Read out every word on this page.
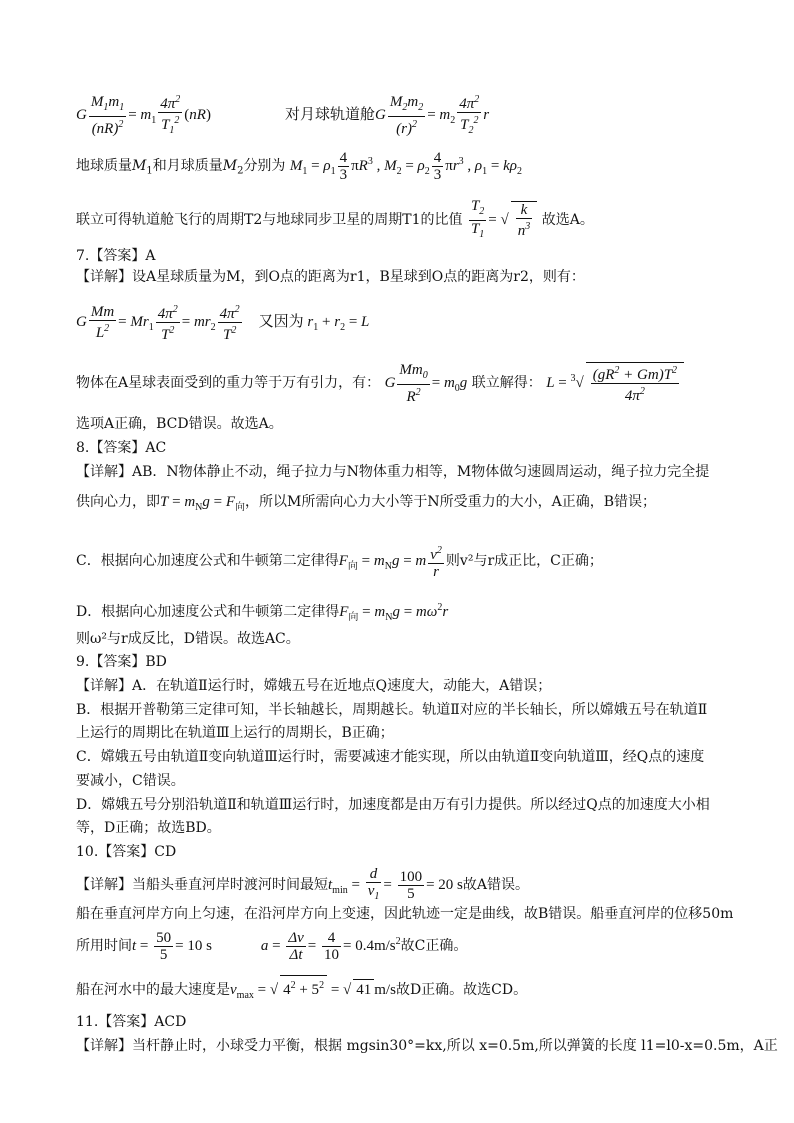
G $\frac{M_1m_1}{(nR)^2} = m_1 \frac{4\pi^2}{T_1^2} (nR)$	对月球轨道舱G $\frac{M_2m_2}{(r)^2} = m_2 \frac{4\pi^2}{T_2^2}$ r
地球质量$M_1$和月球质量$M_2$分别为 $M_1 = \rho_1 \frac{4}{3} \pi R^3$ , $M_2 = \rho_2 \frac{4}{3} \pi r^3$ , $\rho_1 = k\rho_2$
联立可得轨道舱飞行的周期T2与地球同步卫星的周期T1的比值 $\frac{T_2}{T_1}$ = √ $\frac{k}{n^3}$ 故选A。
7.【答案】A
【详解】设A星球质量为M，到O点的距离为r1，B星球到O点的距离为r2，则有：
G $\frac{Mm}{L^2} = Mr_1 \frac{4\pi^2}{T^2} = mr_2 \frac{4\pi^2}{T^2}$ 又因为 $r_1 + r_2 = L$
物体在A星球表面受到的重力等于万有引力，有： G $\frac{Mm_0}{R^2} = m_0g$ 联立解得： $L = ^3√ \frac{(gR^2 + Gm)T^2}{4\pi^2}$
选项A正确，BCD错误。故选A。
8.【答案】AC
【详解】AB．N物体静止不动，绳子拉力与N物体重力相等，M物体做匀速圆周运动，绳子拉力完全提
供向心力，即$T = m_Ng = F_向$，所以M所需向心力大小等于N所受重力的大小，A正确，B错误；
C．根据向心加速度公式和牛顿第二定律得$F_向 = m_Ng = m \frac{v^2}{r}$ 则v²与r成正比，C正确；
D．根据向心加速度公式和牛顿第二定律得$F_向 = m_Ng = m\omega^2r$
则ω²与r成反比，D错误。故选AC。
9.【答案】BD
【详解】A．在轨道Ⅱ运行时，嫦娥五号在近地点Q速度大，动能大，A错误；
B．根据开普勒第三定律可知，半长轴越长，周期越长。轨道Ⅱ对应的半长轴长，所以嫦娥五号在轨道Ⅱ
上运行的周期比在轨道Ⅲ上运行的周期长，B正确；
C．嫦娥五号由轨道Ⅱ变向轨道Ⅲ运行时，需要减速才能实现，所以由轨道Ⅱ变向轨道Ⅲ，经Q点的速度
要减小，C错误。
D．嫦娥五号分别沿轨道Ⅱ和轨道Ⅲ运行时，加速度都是由万有引力提供。所以经过Q点的加速度大小相
等，D正确；故选BD。
10.【答案】CD
【详解】当船头垂直河岸时渡河时间最短$t_{min} = \frac{d}{v_1} = \frac{100}{5} = 20$ s故A错误。
船在垂直河岸方向上匀速，在沿河岸方向上变速，因此轨迹一定是曲线，故B错误。船垂直河岸的位移50m
所用时间$t = \frac{50}{5} = 10$ s	$a = \frac{\Delta v}{\Delta t} = \frac{4}{10} = 0.4m/s^2$故C正确。
船在河水中的最大速度是$v_{max}$ = √ $4^2 + 5^2$ = √ 41 m/s故D正确。故选CD。
11.【答案】ACD
【详解】当杆静止时，小球受力平衡，根据 mgsin30°=kx,所以 x=0.5m,所以弹簧的长度 l1=l0-x=0.5m，A正
